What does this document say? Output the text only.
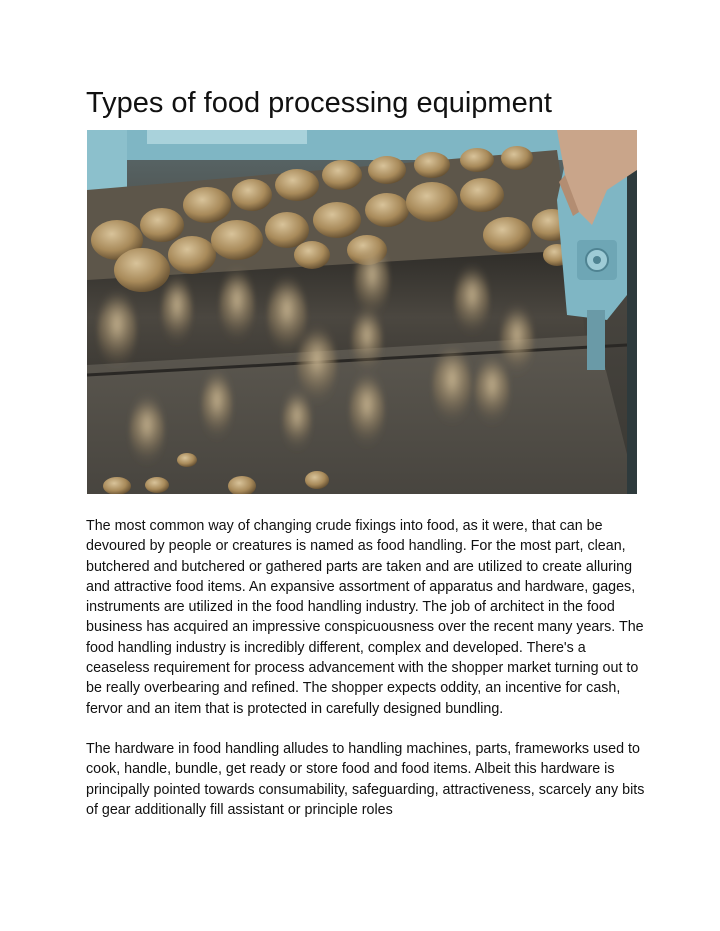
Types of food processing equipment

The most common way of changing crude fixings into food, as it were, that can be devoured by people or creatures is named as food handling. For the most part, clean, butchered and butchered or gathered parts are taken and are utilized to create alluring and attractive food items. An expansive assortment of apparatus and hardware, gages, instruments are utilized in the food handling industry. The job of architect in the food business has acquired an impressive conspicuousness over the recent many years. The food handling industry is incredibly different, complex and developed. There's a ceaseless requirement for process advancement with the shopper market turning out to be really overbearing and refined. The shopper expects oddity, an incentive for cash, fervor and an item that is protected in carefully designed bundling.

The hardware in food handling alludes to handling machines, parts, frameworks used to cook, handle, bundle, get ready or store food and food items. Albeit this hardware is principally pointed towards consumability, safeguarding, attractiveness, scarcely any bits of gear additionally fill assistant or principle roles
